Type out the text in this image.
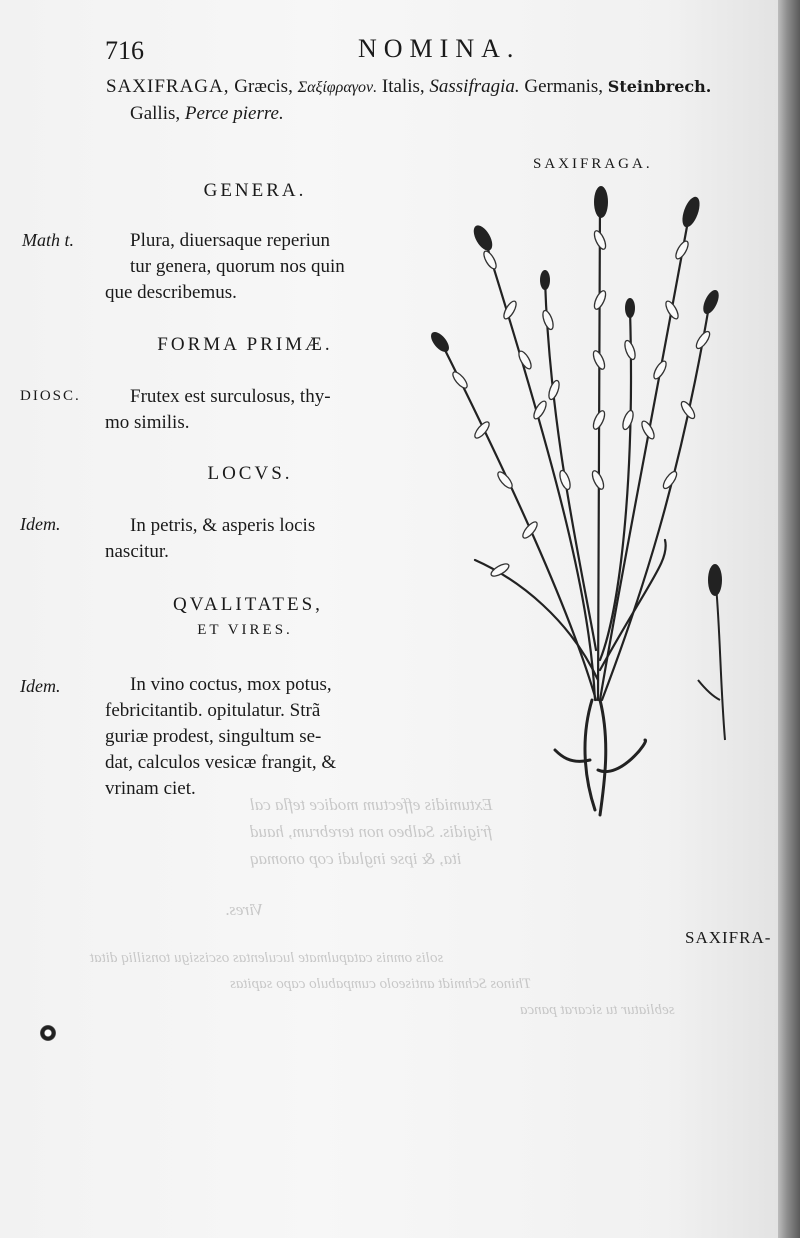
Extumidis effectum modice tefla cal
frigidis. Salbeo non terebrum, haud
ita, & ipse ingludi cop onomaq
Vires.
solis omnis catapulmate luculentas oscissigu tonsilliq ditat
Thinos Schmidt antiseolo cumpabulo capo sapitas
sebliatur tu sicarat panca
716	NOMINA.
SAXIFRAGA, Græcis, Σαξίφραγον. Italis, Sassifragia. Germanis, Steinbrech.
Gallis, Perce pierre.
GENERA.
Math t.	Plura, diuersaque reperiun
tur genera, quorum nos quin
que describemus.
FORMA PRIMÆ.
DIOSC.	Frutex est surculosus, thy-
mo similis.
LOCVS.
Idem.	In petris, & asperis locis
nascitur.
QVALITATES,
ET VIRES.
Idem.	In vino coctus, mox potus,
febricitantib. opitulatur. Strã
guriæ prodest, singultum se-
dat, calculos vesicæ frangit, &
vrinam ciet.
SAXIFRAGA.
SAXIFRA-
